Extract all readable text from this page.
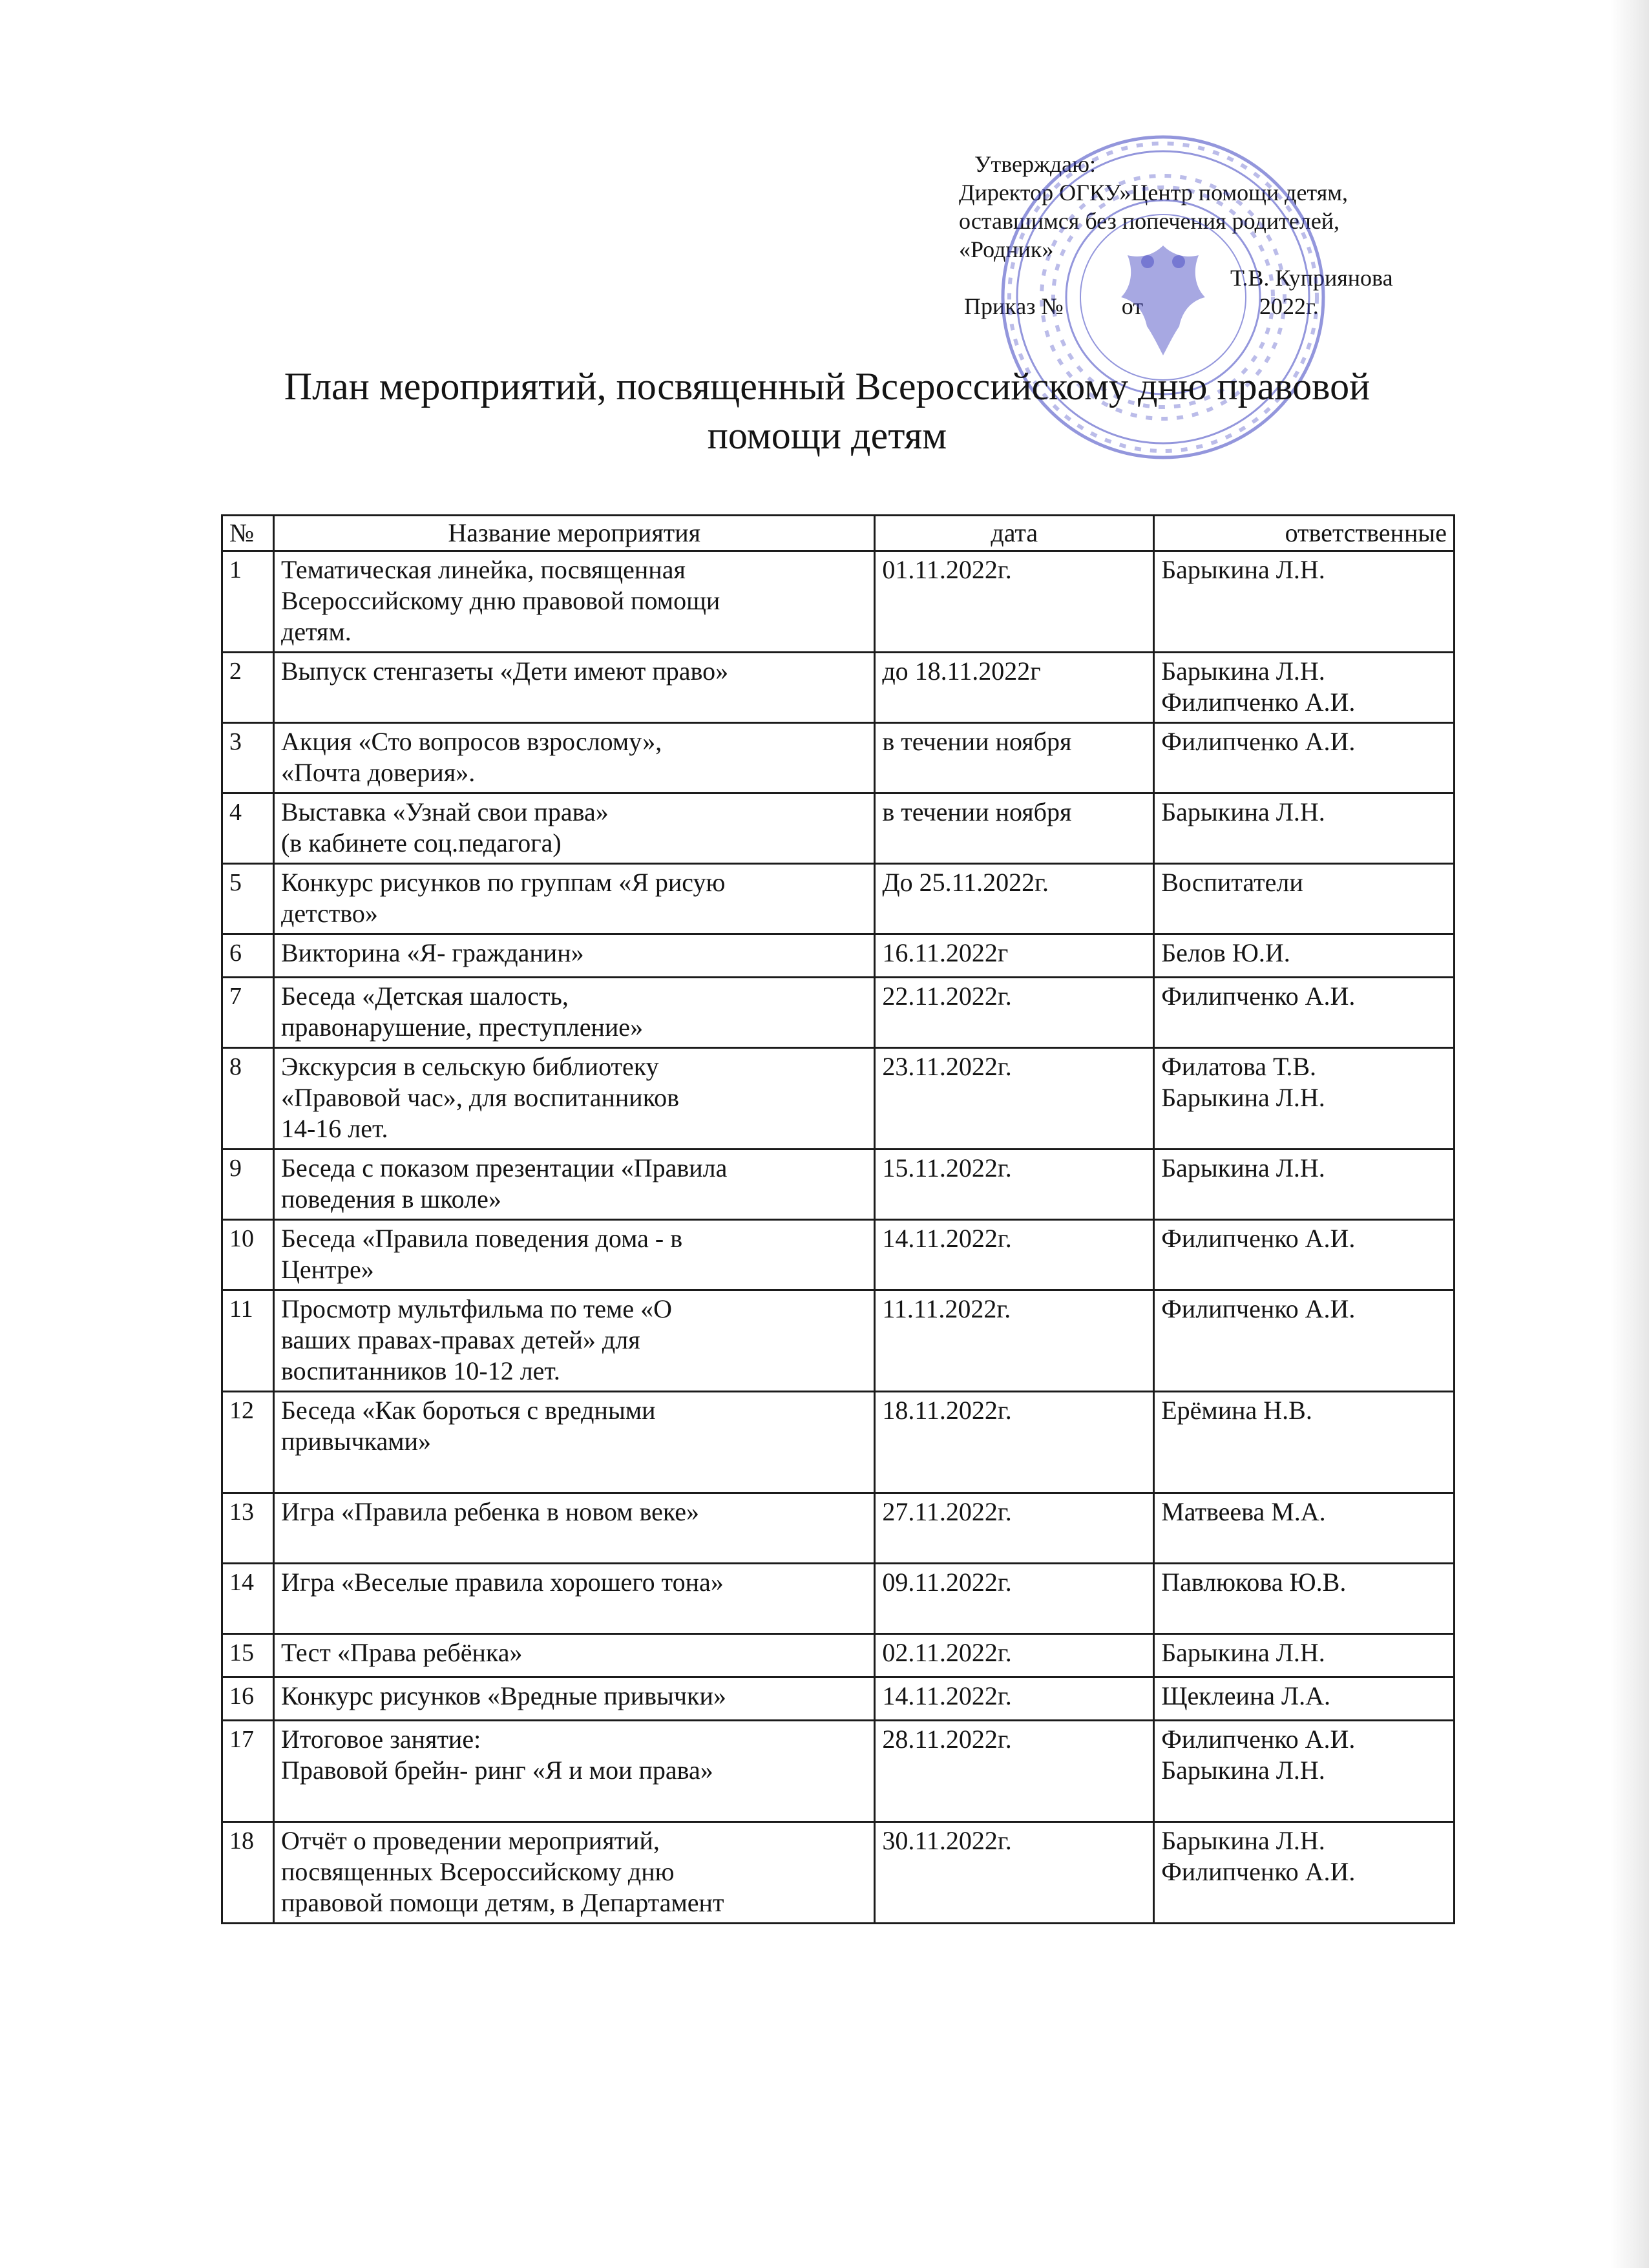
Утверждаю:
Директор ОГКУ»Центр помощи детям,
оставшимся без попечения родителей,
«Родник»
Т.В. Куприянова
Приказ №	от	2022г.
План мероприятий, посвященный Всероссийскому дню правовой
помощи детям
№	Название мероприятия	дата	ответственные
1	Тематическая линейка, посвященная
Всероссийскому дню правовой помощи
детям.	01.11.2022г.	Барыкина Л.Н.
2	Выпуск стенгазеты «Дети имеют право»	до 18.11.2022г	Барыкина Л.Н.
Филипченко А.И.
3	Акция «Сто вопросов взрослому»,
«Почта доверия».	в течении ноября	Филипченко А.И.
4	Выставка «Узнай свои права»
(в кабинете соц.педагога)	в течении ноября	Барыкина Л.Н.
5	Конкурс рисунков по группам «Я рисую
детство»	До 25.11.2022г.	Воспитатели
6	Викторина «Я- гражданин»	16.11.2022г	Белов Ю.И.
7	Беседа «Детская шалость,
правонарушение, преступление»	22.11.2022г.	Филипченко А.И.
8	Экскурсия в сельскую библиотеку
«Правовой час», для воспитанников
14-16 лет.	23.11.2022г.	Филатова Т.В.
Барыкина Л.Н.
9	Беседа с показом презентации «Правила
поведения в школе»	15.11.2022г.	Барыкина Л.Н.
10	Беседа «Правила поведения дома - в
Центре»	14.11.2022г.	Филипченко А.И.
11	Просмотр мультфильма по теме «О
ваших правах-правах детей» для
воспитанников 10-12 лет.	11.11.2022г.	Филипченко А.И.
12	Беседа «Как бороться с вредными
привычками»	18.11.2022г.	Ерёмина Н.В.
13	Игра «Правила ребенка в новом веке»	27.11.2022г.	Матвеева М.А.
14	Игра «Веселые правила хорошего тона»	09.11.2022г.	Павлюкова Ю.В.
15	Тест «Права ребёнка»	02.11.2022г.	Барыкина Л.Н.
16	Конкурс рисунков «Вредные привычки»	14.11.2022г.	Щеклеина Л.А.
17	Итоговое занятие:
Правовой брейн- ринг «Я и мои права»	28.11.2022г.	Филипченко А.И.
Барыкина Л.Н.
18	Отчёт о проведении мероприятий,
посвященных Всероссийскому дню
правовой помощи детям, в Департамент	30.11.2022г.	Барыкина Л.Н.
Филипченко А.И.
